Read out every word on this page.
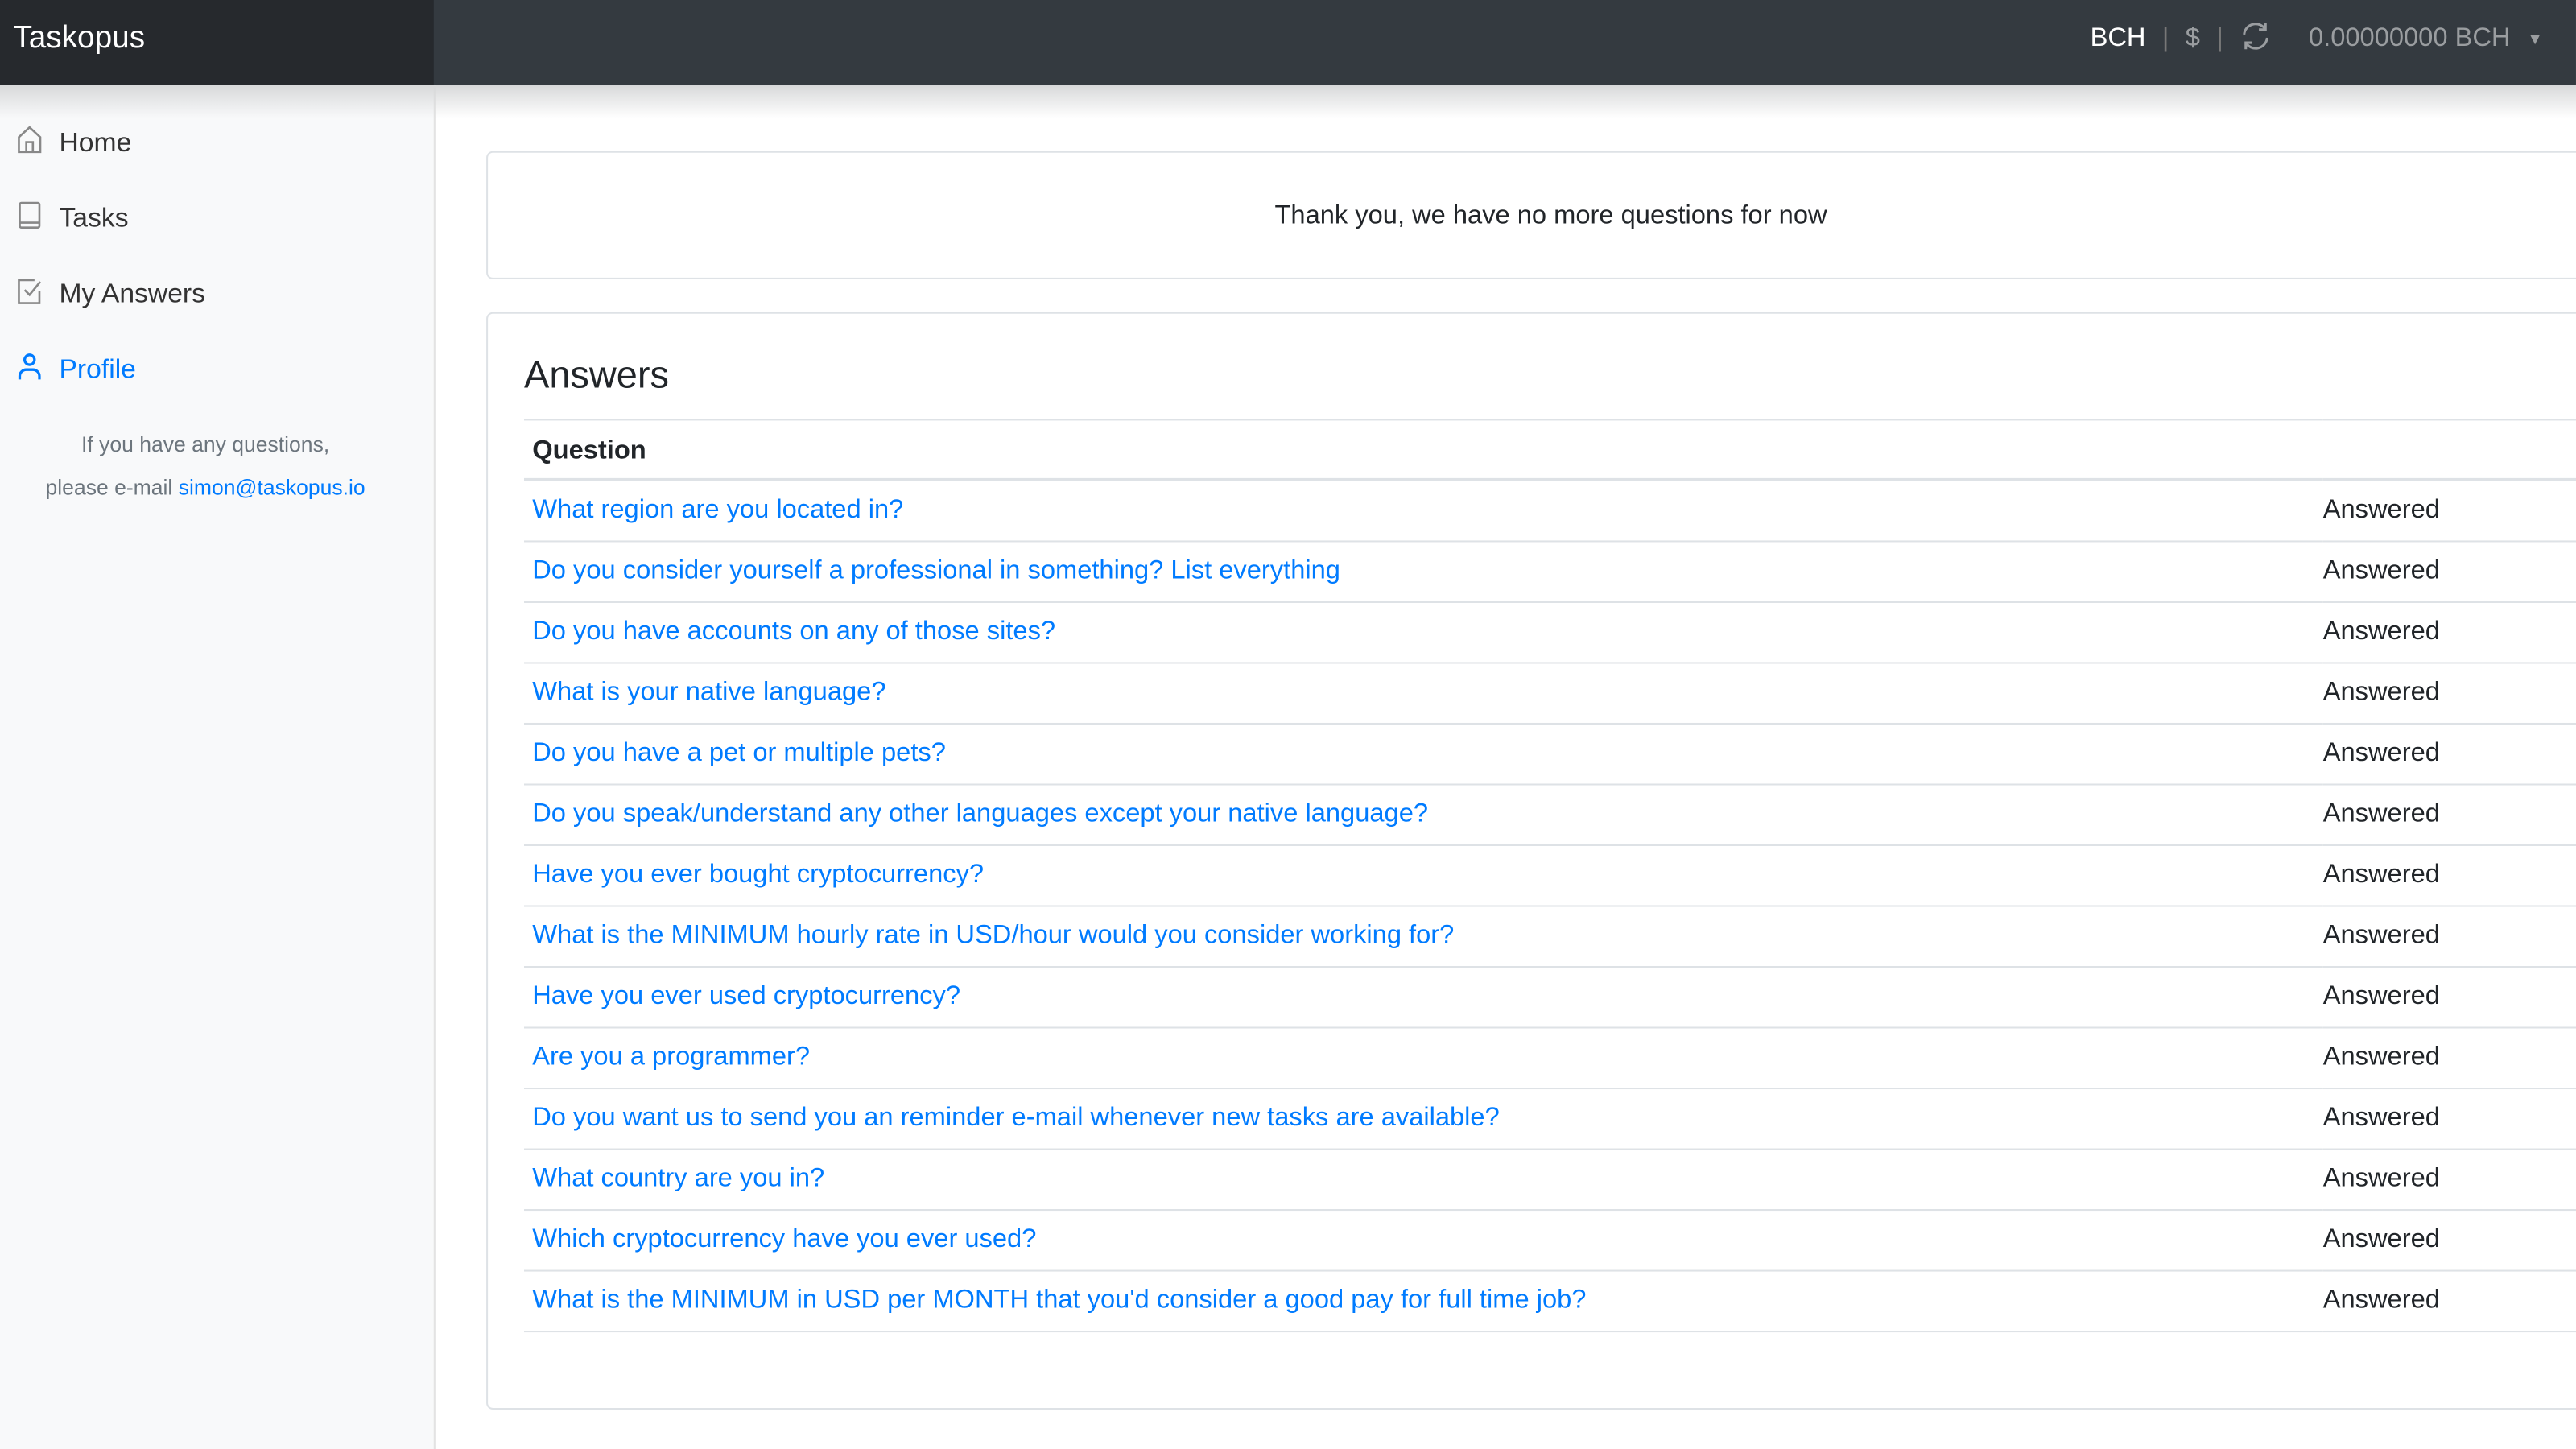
Taskopus	BCH | $ |	0.00000000 BCH ▼
Home
Tasks
My Answers
Profile
If you have any questions,
please e-mail simon@taskopus.io
Thank you, we have no more questions for now
Answers
Question	
What region are you located in?	Answered
Do you consider yourself a professional in something? List everything	Answered
Do you have accounts on any of those sites?	Answered
What is your native language?	Answered
Do you have a pet or multiple pets?	Answered
Do you speak/understand any other languages except your native language?	Answered
Have you ever bought cryptocurrency?	Answered
What is the MINIMUM hourly rate in USD/hour would you consider working for?	Answered
Have you ever used cryptocurrency?	Answered
Are you a programmer?	Answered
Do you want us to send you an reminder e-mail whenever new tasks are available?	Answered
What country are you in?	Answered
Which cryptocurrency have you ever used?	Answered
What is the MINIMUM in USD per MONTH that you'd consider a good pay for full time job?	Answered
